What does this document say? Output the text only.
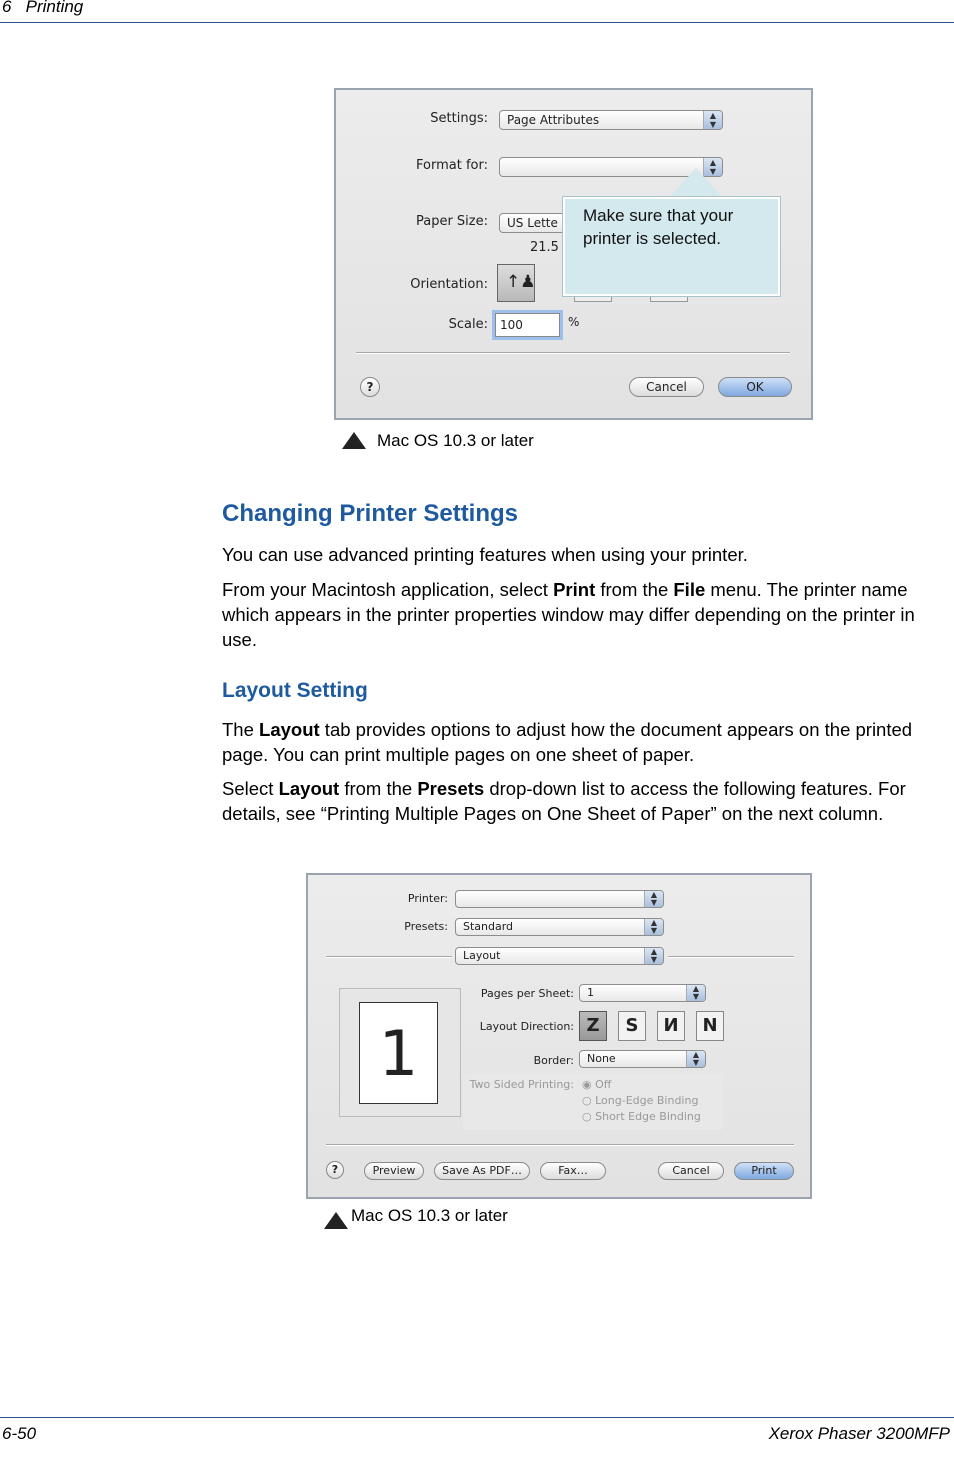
6   Printing
Settings:	Page Attributes	▲
▼
Format for:	▲
▼
Paper Size:	US Lette
21.5
Orientation: ↑♟
Scale:	100	%
?	Cancel	OK
Make sure that your printer is selected.
Mac OS 10.3 or later
Changing Printer Settings

You can use advanced printing features when using your printer.

From your Macintosh application, select Print from the File menu. The printer name which appears in the printer properties window may differ depending on the printer in use.

Layout Setting

The Layout tab provides options to adjust how the document appears on the printed page. You can print multiple pages on one sheet of paper.

Select Layout from the Presets drop-down list to access the following features. For details, see “Printing Multiple Pages on One Sheet of Paper” on the next column.

Printer:	▲
▼
Presets:	Standard	▲
▼
Layout	▲
▼
1
Pages per Sheet:	1	▲
▼
Layout Direction: Z	S	И	N
Border:	None	▲
▼
Two Sided Printing: ◉ Off
○ Long-Edge Binding
○ Short Edge Binding
?	Preview	Save As PDF…	Fax…	Cancel	Print
Mac OS 10.3 or later
6-50	Xerox Phaser 3200MFP
